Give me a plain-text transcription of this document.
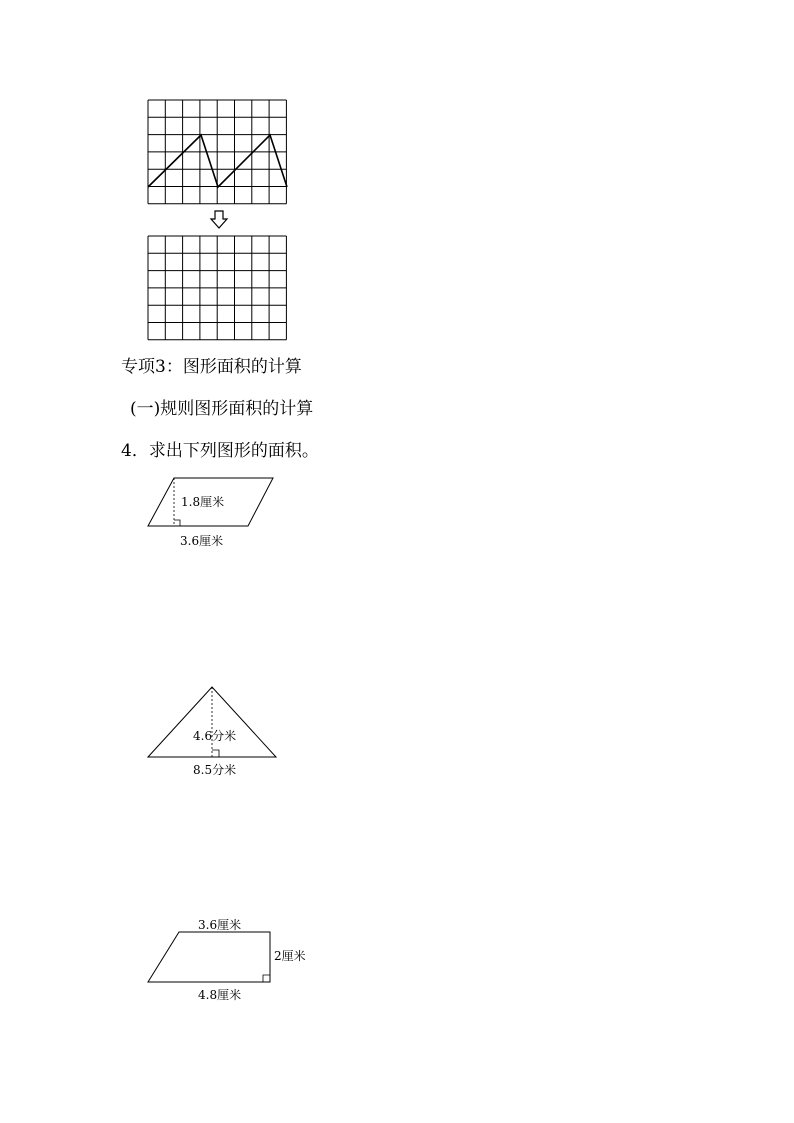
专项3：图形面积的计算
(一)规则图形面积的计算
4．求出下列图形的面积。
1.8厘米
3.6厘米
4.6分米
8.5分米
3.6厘米
2厘米
4.8厘米
